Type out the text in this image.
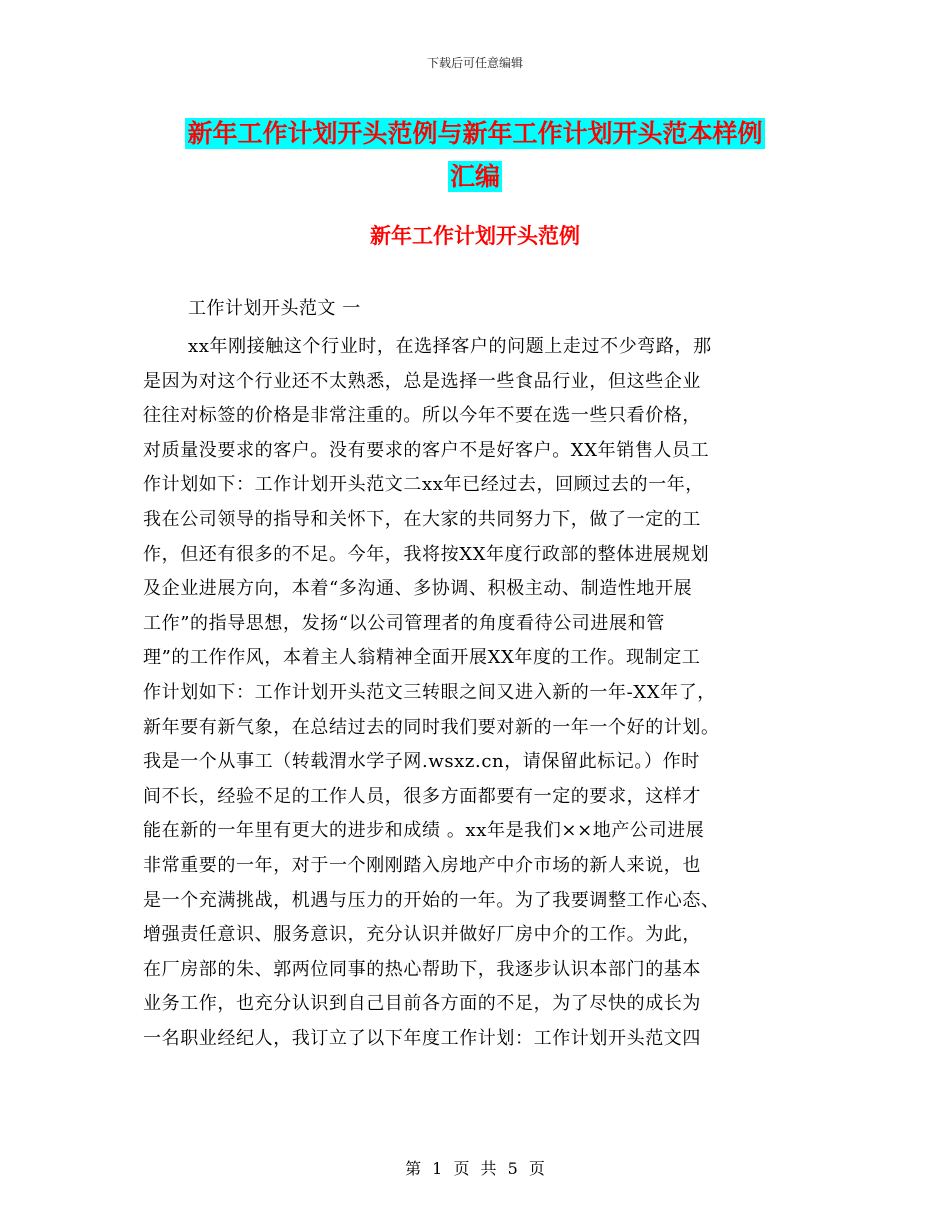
下载后可任意编辑
新年工作计划开头范例与新年工作计划开头范本样例
汇编
新年工作计划开头范例

工作计划开头范文 一

xx年刚接触这个行业时，在选择客户的问题上走过不少弯路，那
是因为对这个行业还不太熟悉，总是选择一些食品行业，但这些企业
往往对标签的价格是非常注重的。所以今年不要在选一些只看价格，
对质量没要求的客户。没有要求的客户不是好客户。XX年销售人员工
作计划如下：工作计划开头范文二xx年已经过去，回顾过去的一年，
我在公司领导的指导和关怀下，在大家的共同努力下，做了一定的工
作，但还有很多的不足。今年，我将按XX年度行政部的整体进展规划
及企业进展方向，本着“多沟通、多协调、积极主动、制造性地开展
工作”的指导思想，发扬“以公司管理者的角度看待公司进展和管
理”的工作作风，本着主人翁精神全面开展XX年度的工作。现制定工
作计划如下：工作计划开头范文三转眼之间又进入新的一年-XX年了，
新年要有新气象，在总结过去的同时我们要对新的一年一个好的计划。
我是一个从事工（转载渭水学子网.wsxz.cn，请保留此标记。）作时
间不长，经验不足的工作人员，很多方面都要有一定的要求，这样才
能在新的一年里有更大的进步和成绩 。xx年是我们××地产公司进展
非常重要的一年，对于一个刚刚踏入房地产中介市场的新人来说，也
是一个充满挑战，机遇与压力的开始的一年。为了我要调整工作心态、
增强责任意识、服务意识，充分认识并做好厂房中介的工作。为此，
在厂房部的朱、郭两位同事的热心帮助下，我逐步认识本部门的基本
业务工作，也充分认识到自己目前各方面的不足，为了尽快的成长为
一名职业经纪人，我订立了以下年度工作计划：工作计划开头范文四

第 1 页 共 5 页
